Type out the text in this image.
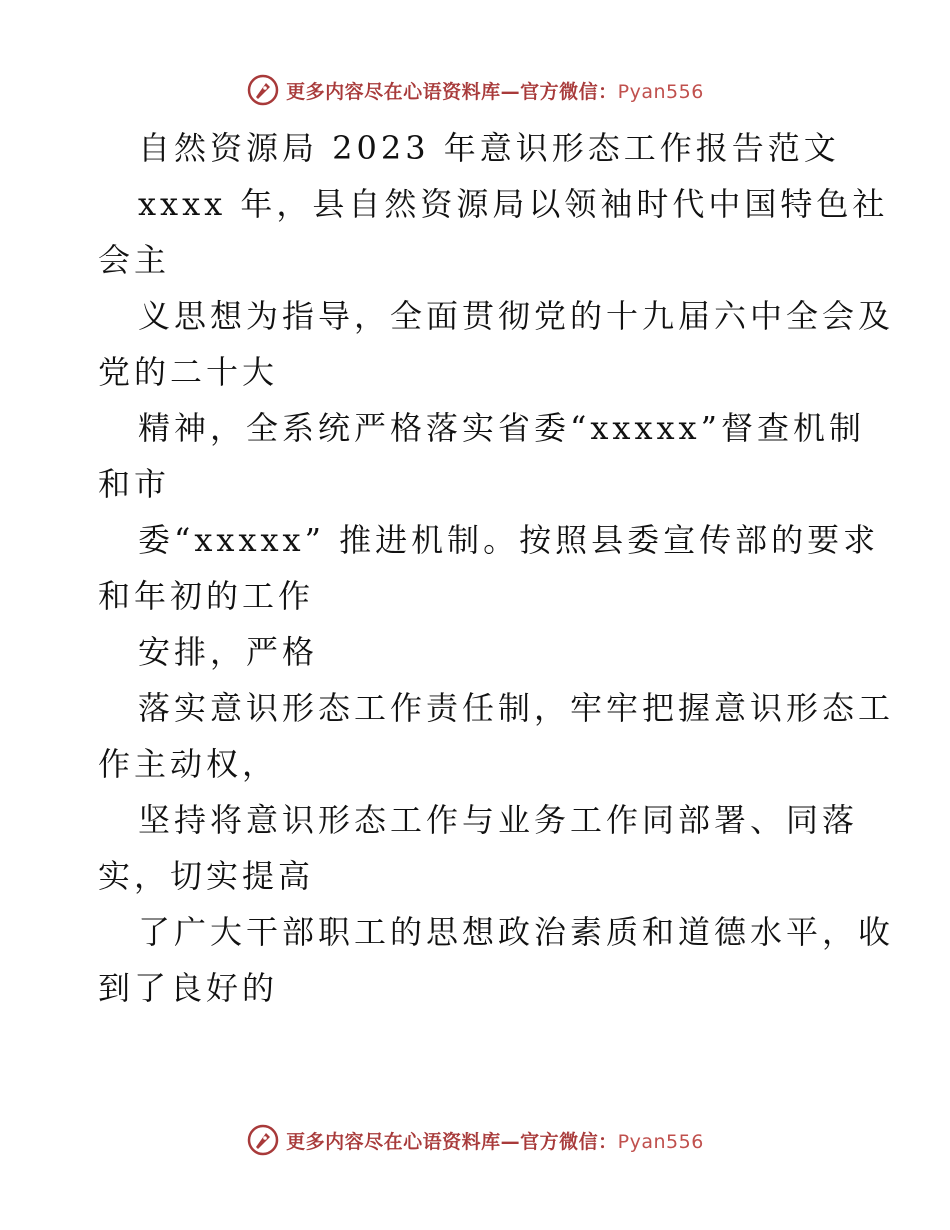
更多内容尽在心语资料库—官方微信：Pyan556
自然资源局 2023 年意识形态工作报告范文
xxxx 年，县自然资源局以领袖时代中国特色社
会主
义思想为指导，全面贯彻党的十九届六中全会及
党的二十大
精神，全系统严格落实省委“xxxxx”督查机制
和市
委“xxxxx” 推进机制。按照县委宣传部的要求
和年初的工作
安排，严格
落实意识形态工作责任制，牢牢把握意识形态工
作主动权，
坚持将意识形态工作与业务工作同部署、同落
实，切实提高
了广大干部职工的思想政治素质和道德水平，收
到了良好的
更多内容尽在心语资料库—官方微信：Pyan556
